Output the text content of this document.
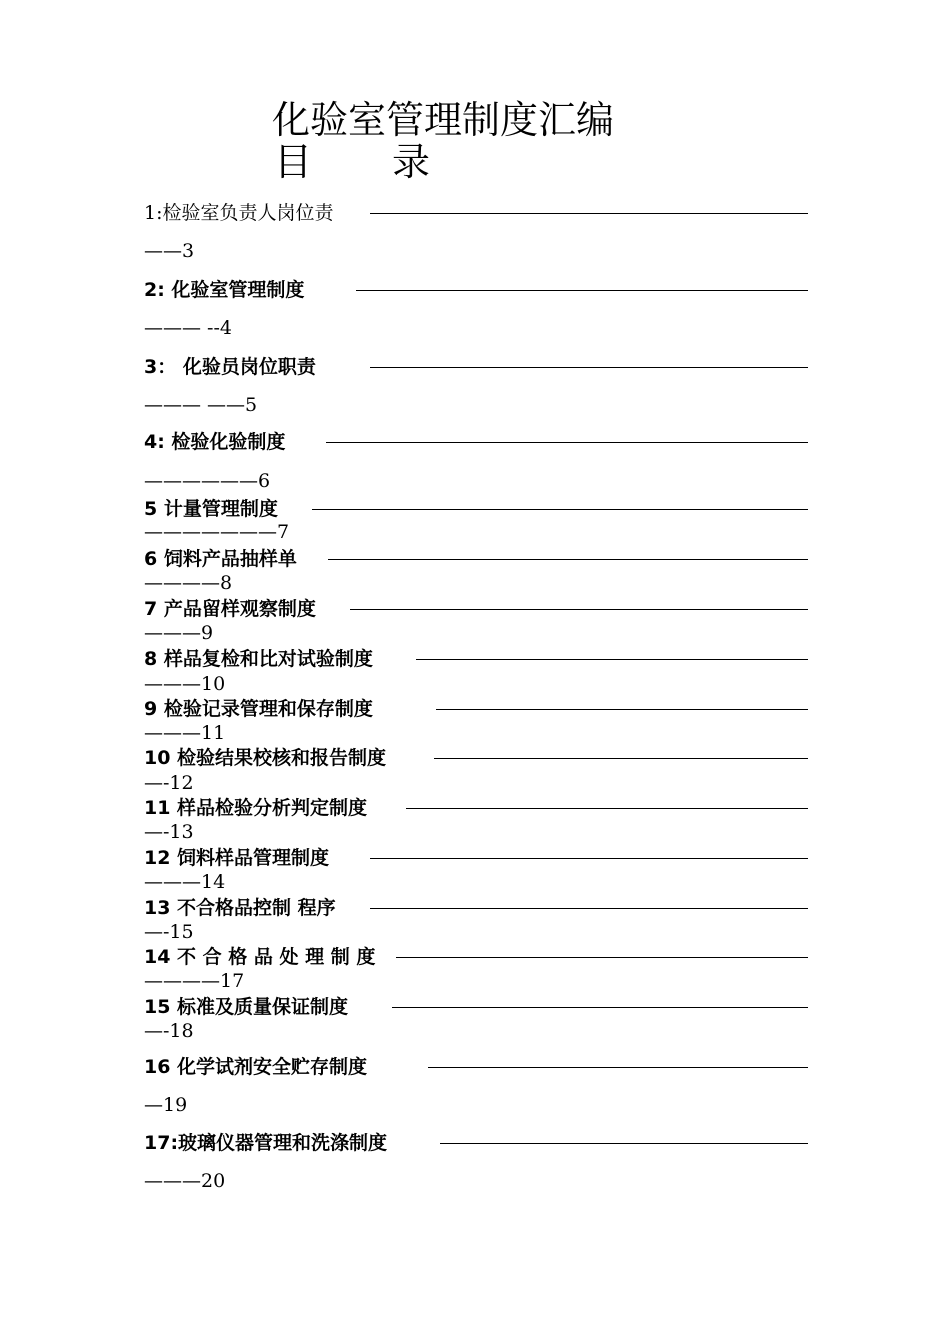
化验室管理制度汇编
目 录
1:检验室负责人岗位责
——3
2: 化验室管理制度
——— --4
3： 化验员岗位职责
——— ——5
4: 检验化验制度
——————6
5 计量管理制度
———————7
6 饲料产品抽样单
————8
7 产品留样观察制度
———9
8 样品复检和比对试验制度
———10
9 检验记录管理和保存制度
———11
10 检验结果校核和报告制度
—-12
11 样品检验分析判定制度
—-13
12 饲料样品管理制度
———14
13 不合格品控制 程序
—-15
14 不 合 格 品 处 理 制 度
————17
15 标准及质量保证制度
—-18
16 化学试剂安全贮存制度
—19
17:玻璃仪器管理和洗涤制度
———20
